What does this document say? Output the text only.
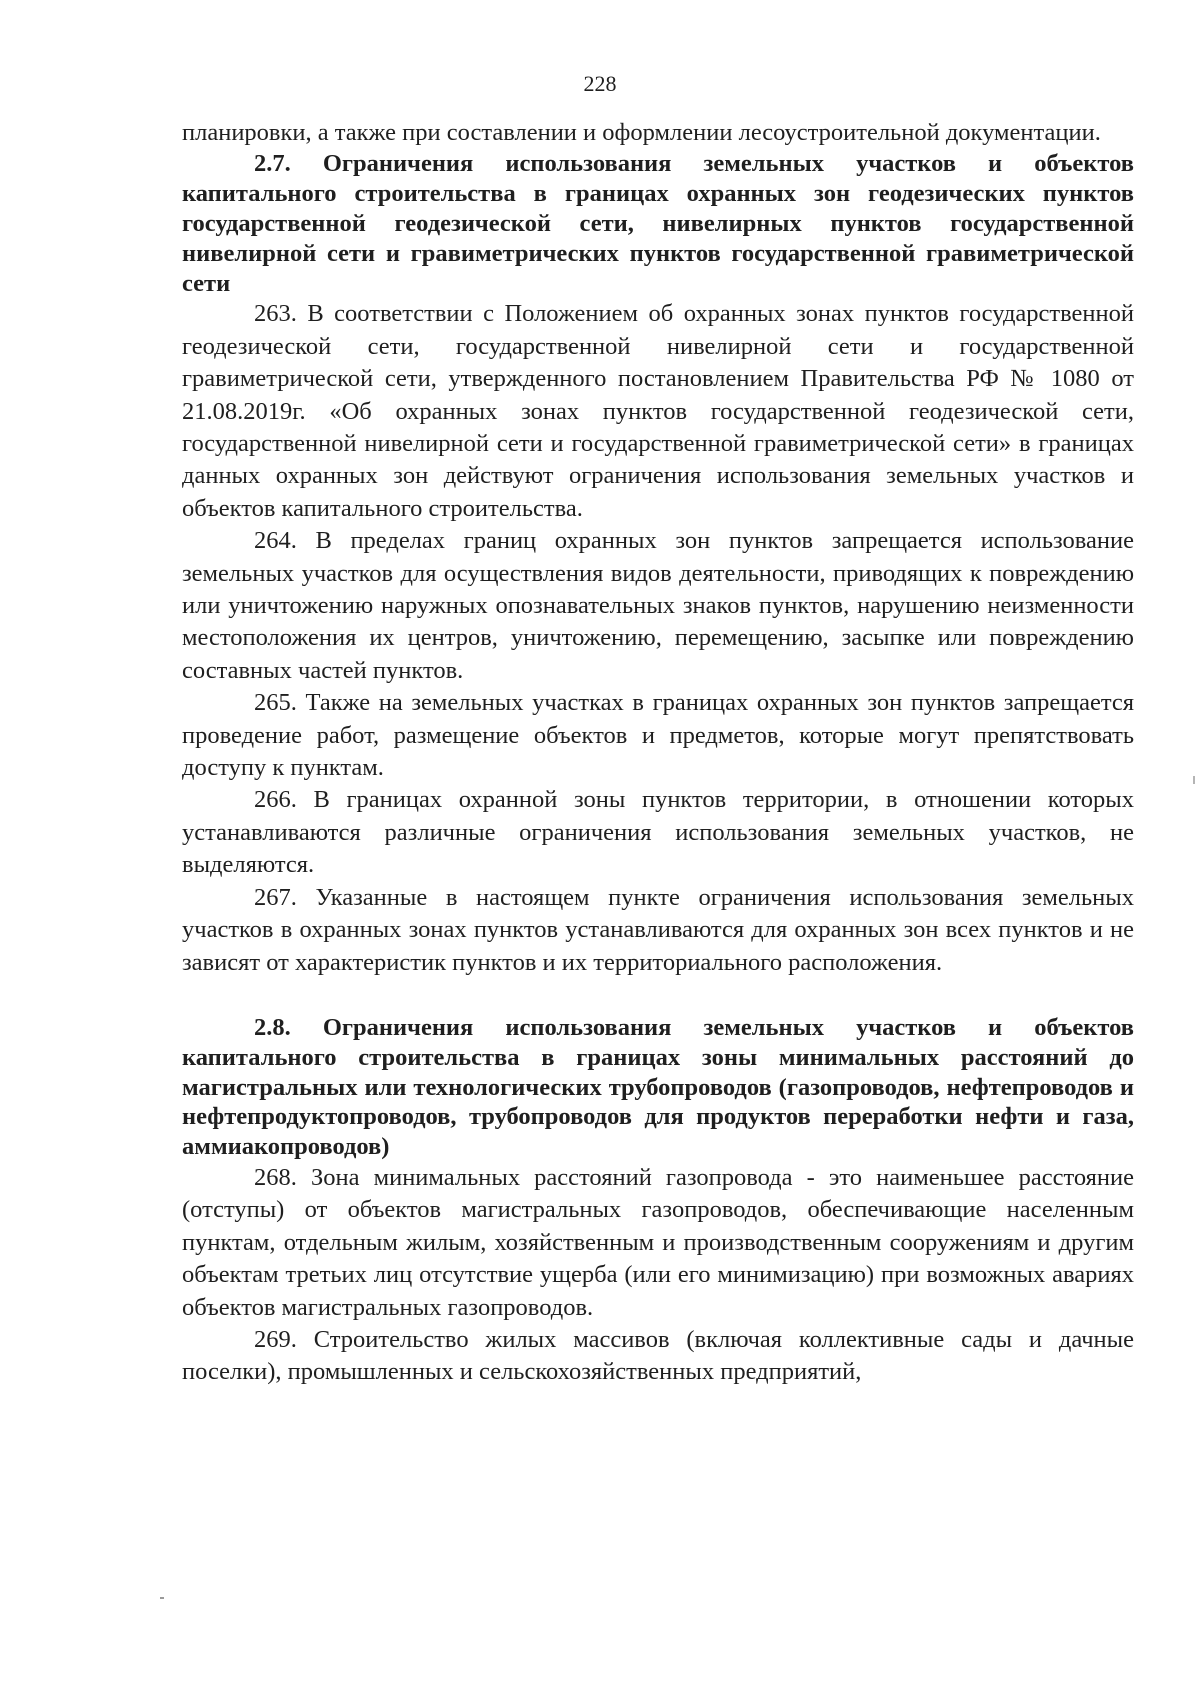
228

планировки, а также при составлении и оформлении лесоустроительной документации.

2.7. Ограничения использования земельных участков и объектов капитального строительства в границах охранных зон геодезических пунктов государственной геодезической сети, нивелирных пунктов государственной нивелирной сети и гравиметрических пунктов государственной гравиметрической сети

263. В соответствии с Положением об охранных зонах пунктов государственной геодезической сети, государственной нивелирной сети и государственной гравиметрической сети, утвержденного постановлением Правительства РФ № 1080 от 21.08.2019г. «Об охранных зонах пунктов государственной геодезической сети, государственной нивелирной сети и государственной гравиметрической сети» в границах данных охранных зон действуют ограничения использования земельных участков и объектов капитального строительства.

264. В пределах границ охранных зон пунктов запрещается использование земельных участков для осуществления видов деятельности, приводящих к повреждению или уничтожению наружных опознавательных знаков пунктов, нарушению неизменности местоположения их центров, уничтожению, перемещению, засыпке или повреждению составных частей пунктов.

265. Также на земельных участках в границах охранных зон пунктов запрещается проведение работ, размещение объектов и предметов, которые могут препятствовать доступу к пунктам.

266. В границах охранной зоны пунктов территории, в отношении которых устанавливаются различные ограничения использования земельных участков, не выделяются.

267. Указанные в настоящем пункте ограничения использования земельных участков в охранных зонах пунктов устанавливаются для охранных зон всех пунктов и не зависят от характеристик пунктов и их территориального расположения.

2.8. Ограничения использования земельных участков и объектов капитального строительства в границах зоны минимальных расстояний до магистральных или технологических трубопроводов (газопроводов, нефтепроводов и нефтепродуктопроводов, трубопроводов для продуктов переработки нефти и газа, аммиакопроводов)

268. Зона минимальных расстояний газопровода - это наименьшее расстояние (отступы) от объектов магистральных газопроводов, обеспечивающие населенным пунктам, отдельным жилым, хозяйственным и производственным сооружениям и другим объектам третьих лиц отсутствие ущерба (или его минимизацию) при возможных авариях объектов магистральных газопроводов.

269. Строительство жилых массивов (включая коллективные сады и дачные поселки), промышленных и сельскохозяйственных предприятий,
